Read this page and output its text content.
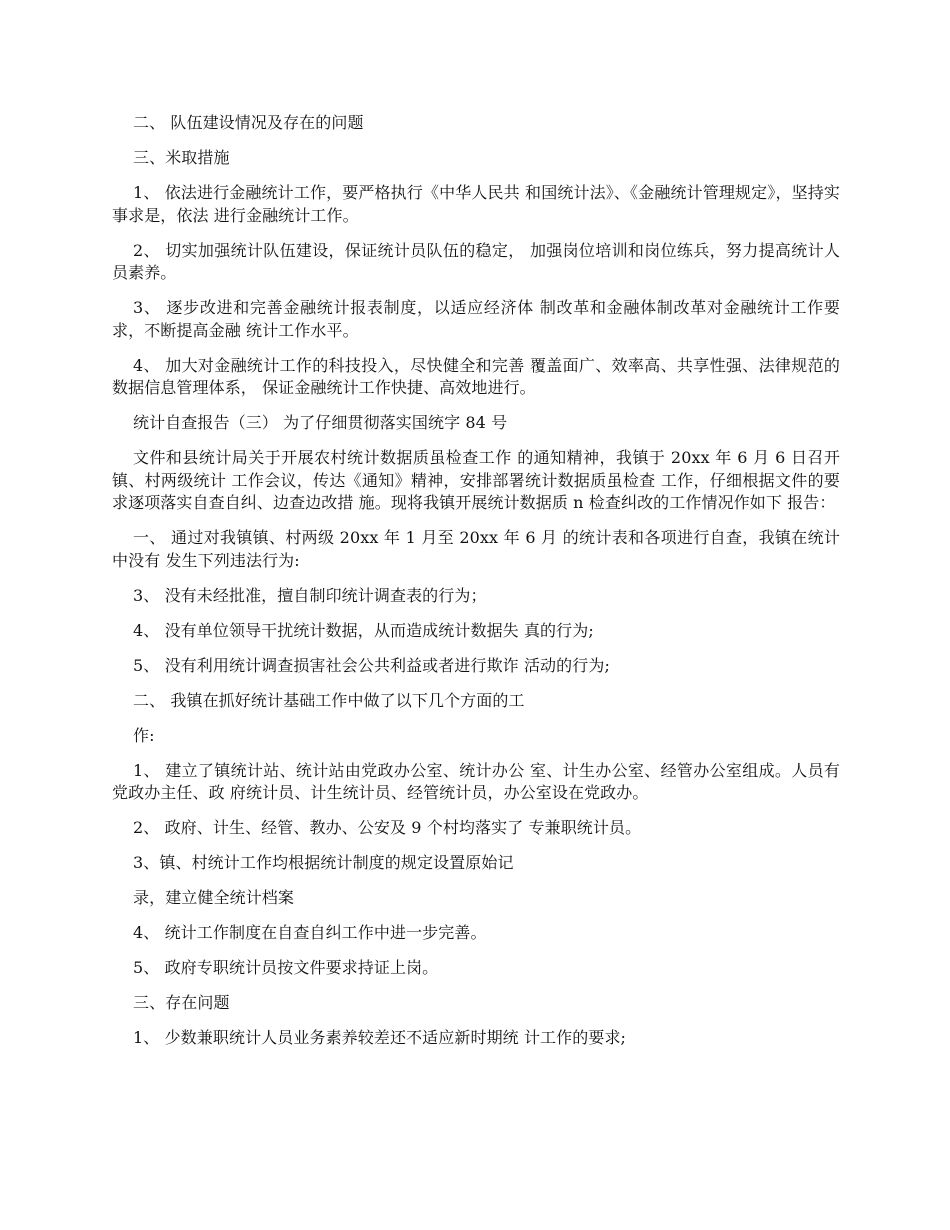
二、 队伍建设情况及存在的问题

三、米取措施

1、 依法进行金融统计工作，要严格执行《中华人民共 和国统计法》、《金融统计管理规定》，坚持实事求是，依法 进行金融统计工作。

2、 切实加强统计队伍建设，保证统计员队伍的稳定， 加强岗位培训和岗位练兵，努力提高统计人员素养。

3、 逐步改进和完善金融统计报表制度，以适应经济体 制改革和金融体制改革对金融统计工作要求，不断提高金融 统计工作水平。

4、 加大对金融统计工作的科技投入，尽快健全和完善 覆盖面广、效率高、共享性强、法律规范的数据信息管理体系， 保证金融统计工作快捷、高效地进行。

统计自查报告（三） 为了仔细贯彻落实国统字 84 号

文件和县统计局关于开展农村统计数据质虽检查工作 的通知精神，我镇于 20xx 年 6 月 6 日召开镇、村两级统计 工作会议，传达《通知》精神，安排部署统计数据质虽检查 工作，仔细根据文件的要求逐项落实自查自纠、边查边改措 施。现将我镇开展统计数据质 n 检查纠改的工作情况作如下 报告：

一、 通过对我镇镇、村两级 20xx 年 1 月至 20xx 年 6 月 的统计表和各项进行自查，我镇在统计中没有 发生下列违法行为:

3、 没有未经批准，擅自制印统计调查表的行为；

4、 没有单位领导干扰统计数据，从而造成统计数据失 真的行为;

5、 没有利用统计调查损害社会公共利益或者进行欺诈 活动的行为;

二、 我镇在抓好统计基础工作中做了以下几个方面的工

作:

1、 建立了镇统计站、统计站由党政办公室、统计办公 室、计生办公室、经管办公室组成。人员有党政办主任、政 府统计员、计生统计员、经管统计员，办公室设在党政办。

2、 政府、计生、经管、教办、公安及 9 个村均落实了 专兼职统计员。

3、镇、村统计工作均根据统计制度的规定设置原始记

录，建立健全统计档案

4、 统计工作制度在自查自纠工作中进一步完善。

5、 政府专职统计员按文件要求持证上岗。

三、存在问题

1、 少数兼职统计人员业务素养较差还不适应新时期统 计工作的要求;
